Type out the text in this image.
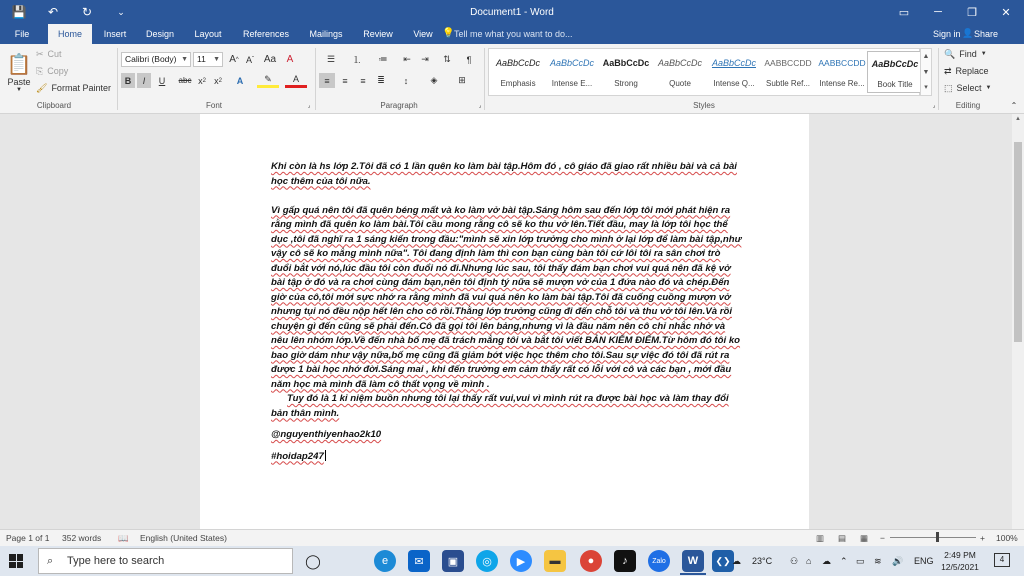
💾	↶	↻	⌄	Document1 - Word	▭	─	❐	✕
File	Home	Insert	Design	Layout	References	Mailings	Review	View 💡 Tell me what you want to do...	Sign in 👤 Share
📋
Paste
▼
✂ Cut
⎘ Copy
🖌 Format Painter
Clipboard
Calibri (Body) ▼	11 ▼ A ^ A ˇ Aa	A
B	I	U	abc x 2 x 2	A	✎	A
Font	⌟
☰	⒈	≔	⇤	⇥	⇅	¶
≡	≡	≡	≣	↕	◈	⊞
Paragraph	⌟
AaBbCcDc
Emphasis
AaBbCcDc
Intense E...
AaBbCcDc
Strong
AaBbCcDc
Quote
AaBbCcDc
Intense Q...
AABBCCDD
Subtle Ref...
AABBCCDD
Intense Re...
AaBbCcDc
Book Title
▲
▼
▾
Styles	⌟
🔍 Find ▼
⇄ Replace
⬚ Select ▼
Editing	⌃

Khi còn là hs lớp 2.Tôi đã có 1 lần quên ko làm bài tập.Hôm đó , cô giáo đã giao rất nhiều bài và cả bài học thêm của tôi nữa.

Vì gấp quá nên tôi đã quên béng mất và ko làm vở bài tập.Sáng hôm sau đến lớp tôi mới phát hiện ra rằng mình đã quên ko làm bài.Tôi cầu mong rằng cô sẽ ko thu vở lên.Tiết đầu, may là lớp tôi học thể dục ,tôi đã nghĩ ra 1 sáng kiến trong đầu:"mình sẽ xin lớp trưởng cho mình ở lại lớp để làm bài tập,như vậy cô sẽ ko mắng mình nữa". Tôi đang định làm thì con bạn cùng bàn tôi cứ lôi tôi ra sân chơi trò đuổi bắt với nó,lúc đầu tôi còn đuổi nó đi.Nhưng lúc sau, tôi thấy đám bạn chơi vui quá nên đã kệ vở bài tập ở đó và ra chơi cùng đám bạn,nên tôi định tý nữa sẽ mượn vở của 1 đứa nào đó và chép.Đến giờ của cô,tôi mới sực nhớ ra rằng mình đã vui quá nên ko làm bài tập.Tôi đã cuống cuồng mượn vở nhưng tụi nó đều nộp hết lên cho cô rồi.Thằng lớp trưởng cũng đi đến chỗ tôi và thu vở tôi lên.Và rồi chuyện gì đến cũng sẽ phải đến.Cô đã gọi tôi lên bảng,nhưng vì là đầu năm nên cô chỉ nhắc nhở và nêu lên nhóm lớp.Về đến nhà bố mẹ đã trách mắng tôi và bắt tôi viết BẢN KIỂM ĐIỂM.Từ hôm đó tôi ko bao giờ dám như vậy nữa,bố mẹ cũng đã giảm bớt việc học thêm cho tôi.Sau sự việc đó tôi đã rút ra được 1 bài học nhớ đời.Sáng mai , khi đến trường em cảm thấy rất có lỗi với cô và các bạn , mới đầu năm học mà mình đã làm cô thất vọng về mình .

Tuy đó là 1 kỉ niệm buồn nhưng tôi lại thấy rất vui,vui vì mình rút ra được bài học và làm thay đổi bản thân mình.

@nguyenthiyenhao2k10

#hoidap247

▲
Page 1 of 1 352 words 📖 English (United States)	▥ ▤ ▦ −	+ 100%
⌕ Type here to search	◯	e	✉	▣	◎	▶	▬	●	♪	Zalo	W	❮❯ ☁ 23°C ⚇ ⌂ ☁ ⌃ ▭ ≋ 🔊 ENG
2:49 PM
12/5/2021
4
